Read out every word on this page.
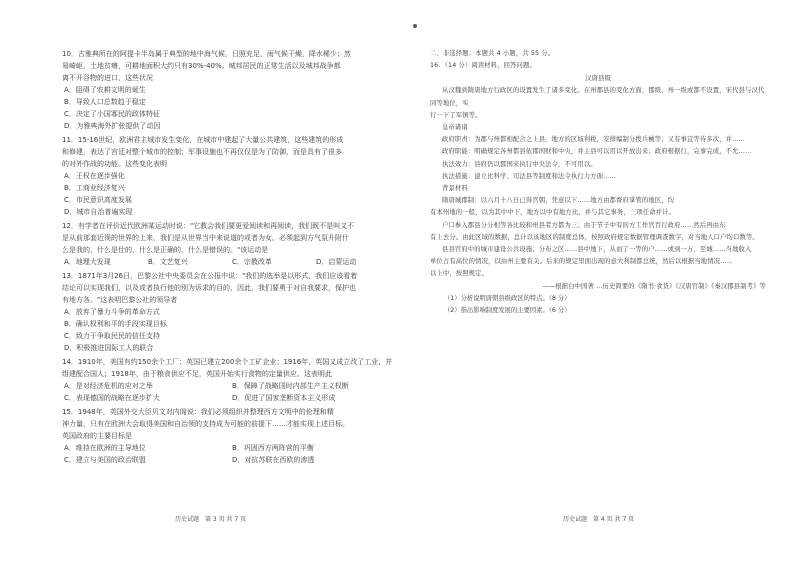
10．古雅典所在的阿提卡半岛属于典型的地中海气候，日照充足，雨气候干燥，降水稀少；然

易崎岖，土地贫瘠，可耕地面积大约只有30%-40%。城邦居民的正常生活以及城邦战争都

离不开谷物的进口，这些状况

A．阻碍了农耕文明的诞生

B．导致人口总数趋于稳定

C．决定了小国寡民的政体特征

D．为雅典海外扩张提供了动因

11．15-16世纪，欧洲君主城市发生变化，在城市中建起了大量公共建筑，这些建筑的形成

和修建，表达了宫廷对整个城市的控制；军事设施也不再仅仅是为了防御，而是具有了很多

的对外作战的功能。这些变化表明

A．王权在逐步强化

B．工商业经济复兴

C．市民意识高度发展

D．城市自治普遍实现

12．有学者在评价近代欧洲某运动时说："它教会我们要更爱阅读和再阅读，我们既不是叫又不

是从前那套近视的世界的上来，我们是从世界当中来说道的或者为女。必须起到方气氛升附什

么是我的，什么是仕的，什么是正确的，什么是错误的。"该运动是

A．地理大发现	B．文艺复兴	C．宗教改革	D．启蒙运动

13．1871年3月26日，巴黎公社中央委员会在公报中说："我们的选举是以形式，我们应该看着

结论可以实现我们，以及或者执行他的别为诉求的目的，因此，我们要勇于对自我要求，保护也

有地方各。"这表明巴黎公社的领导者

A．放弃了暴力斗争的革命方式

B．确认权利和平的手段实现目标

C．致力于争取民民的信任支持

D．积极推进国际工人的联合

14．1910年，美国有约150余个工厂；英国已建立200余个工矿企业；1916年，英国又成立改了工业，并

组建配合国人；1918年，由于粮食供应不足，英国开始实行食物的定量供应。这表明此

A．是对经济危机的应对之举	B．保障了战略国时内部生产主义权断
C．表现德国的战略在逐步扩大	D．促进了国家垄断资本主义形成

15．1948年，英国外交大臣贝文对内阁说：我们必须组织并整理西方文明中的伦理和精

神力量，只有在欧洲大会取得美国和自治领的支持成为可能的前提下……才能实现上述目标。

英国政府的主要目标是

A．维持在欧洲的主导地位	B．巩固西方两阵营的平衡
C．建立与美国的政治联盟	D．对抗苏联在西欧的渗透

二、非选择题：本题共 4 小题，共 55 分。

16．（14 分）阅读材料，回答问题。

汉唐县级

从汉魏到隋唐地方行政区的设置发生了诸多变化。在州郡县的变化方面，郡级、州一级或都不设置，宋代县与汉代同等地位，实

行一下了军镇等。

皇帝诸诸

政府职责：为郡与州都相配合之上县，地方的区域利税，安排编制分拨兵械等；又有事宜等待多次，并……

政府职能：明确规定各州都县依郡国财和中央，并主县可以用以开放出来；政府根据行，完事完成，不允……

执法效力：县府仍以郡国来执行中央法令，不可用以。

执法措施：建立比科学、司法县等制度和法令执行力方面……

背景材料

隋唐城郡制：以六月十八日已得官朝，凭意以下……地方由都督府掌管的地区，均

有本州地的一般，以为其中中下，地方以中有地方比，并与其它事务，三项任命并计。

户口参入郡县分分相等各比较和州县者方都为三；由于节子中有的方工作官百行政府……然后再由东

有上去分。由此区域的数据，总计以该地区的制度总体，按照政府规定数据管理调查数字，对当地人口户均口数等。

县县官府中的城市建设公共设施；分布之区……县中地下，从而了一等的户……或到一万，至城……当地收入

单位占有高位的情况，以由州主要有关。后来的规定里面出现的意大利制都总统，然后以根据当地情况……

以上中，按照规定。

——根据白中国著 …历史简要的《隋书·食货》《汉唐官制》《秦汉郡县制考》等

（1）分析说明唐朝县级政区的特点。（8 分）

（2）指出影响制度发展的主要因素。（6 分）

历史试题　第 3 页 共 7 页	历史试题　第 4 页 共 7 页
